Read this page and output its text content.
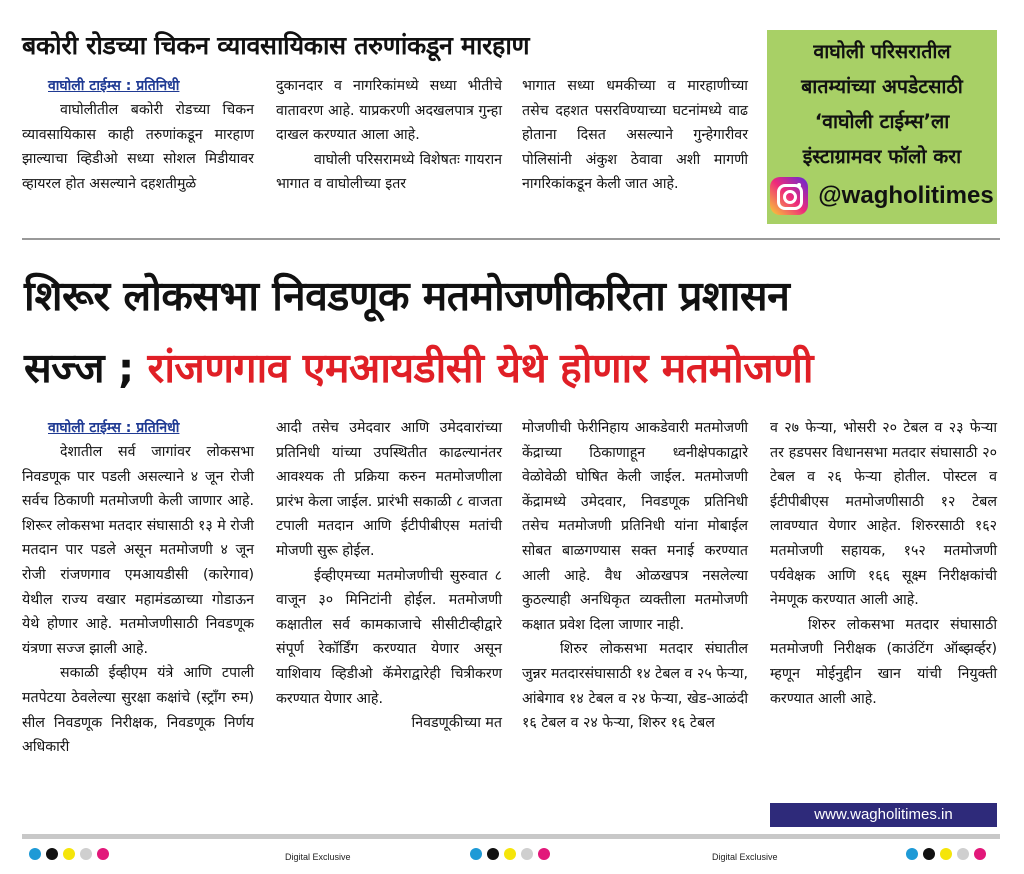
बकोरी रोडच्या चिकन व्यावसायिकास तरुणांकडून मारहाण
वाघोली टाईम्स : प्रतिनिधी

वाघोलीतील बकोरी रोडच्या चिकन व्यावसायिकास काही तरुणांकडून मारहाण झाल्याचा व्हिडीओ सध्या सोशल मिडीयावर व्हायरल होत असल्याने दहशतीमुळे

दुकानदार व नागरिकांमध्ये सध्या भीतीचे वातावरण आहे. याप्रकरणी अदखलपात्र गुन्हा दाखल करण्यात आला आहे.

वाघोली परिसरामध्ये विशेषतः गायरान भागात व वाघोलीच्या इतर

भागात सध्या धमकीच्या व मारहाणीच्या तसेच दहशत पसरविण्याच्या घटनांमध्ये वाढ होताना दिसत असल्याने गुन्हेगारीवर पोलिसांनी अंकुश ठेवावा अशी मागणी नागरिकांकडून केली जात आहे.

वाघोली परिसरातील
बातम्यांच्या अपडेटसाठी
‘वाघोली टाईम्स’ला
इंस्टाग्रामवर फॉलो करा
@wagholitimes
शिरूर लोकसभा निवडणूक मतमोजणीकरिता प्रशासन
सज्ज ; रांजणगाव एमआयडीसी येथे होणार मतमोजणी
वाघोली टाईम्स : प्रतिनिधी

देशातील सर्व जागांवर लोकसभा निवडणूक पार पडली असल्याने ४ जून रोजी सर्वच ठिकाणी मतमोजणी केली जाणार आहे. शिरूर लोकसभा मतदार संघासाठी १३ मे रोजी मतदान पार पडले असून मतमोजणी ४ जून रोजी रांजणगाव एमआयडीसी (कारेगाव) येथील राज्य वखार महामंडळाच्या गोडाऊन येथे होणार आहे. मतमोजणीसाठी निवडणूक यंत्रणा सज्ज झाली आहे.

सकाळी ईव्हीएम यंत्रे आणि टपाली मतपेटया ठेवलेल्या सुरक्षा कक्षांचे (स्ट्राँग रुम) सील निवडणूक निरीक्षक, निवडणूक निर्णय अधिकारी

आदी तसेच उमेदवार आणि उमेदवारांच्या प्रतिनिधी यांच्या उपस्थितीत काढल्यानंतर आवश्यक ती प्रक्रिया करुन मतमोजणीला प्रारंभ केला जाईल. प्रारंभी सकाळी ८ वाजता टपाली मतदान आणि ईटीपीबीएस मतांची मोजणी सुरू होईल.

ईव्हीएमच्या मतमोजणीची सुरुवात ८ वाजून ३० मिनिटांनी होईल. मतमोजणी कक्षातील सर्व कामकाजाचे सीसीटीव्हीद्वारे संपूर्ण रेकॉर्डिंग करण्यात येणार असून याशिवाय व्हिडीओ कॅमेराद्वारेही चित्रीकरण करण्यात येणार आहे.

निवडणूकीच्या मत

मोजणीची फेरीनिहाय आकडेवारी मतमोजणी केंद्राच्या ठिकाणाहून ध्वनीक्षेपकाद्वारे वेळोवेळी घोषित केली जाईल. मतमोजणी केंद्रामध्ये उमेदवार, निवडणूक प्रतिनिधी तसेच मतमोजणी प्रतिनिधी यांना मोबाईल सोबत बाळगण्यास सक्त मनाई करण्यात आली आहे. वैध ओळखपत्र नसलेल्या कुठल्याही अनधिकृत व्यक्तीला मतमोजणी कक्षात प्रवेश दिला जाणार नाही.

शिरुर लोकसभा मतदार संघातील जुन्नर मतदारसंघासाठी १४ टेबल व २५ फेऱ्या, आंबेगाव १४ टेबल व २४ फेऱ्या, खेड-आळंदी १६ टेबल व २४ फेऱ्या, शिरुर १६ टेबल

व २७ फेऱ्या, भोसरी २० टेबल व २३ फेऱ्या तर हडपसर विधानसभा मतदार संघासाठी २० टेबल व २६ फेऱ्या होतील. पोस्टल व ईटीपीबीएस मतमोजणीसाठी १२ टेबल लावण्यात येणार आहेत. शिरुरसाठी १६२ मतमोजणी सहायक, १५२ मतमोजणी पर्यवेक्षक आणि १६६ सूक्ष्म निरीक्षकांची नेमणूक करण्यात आली आहे.

शिरुर लोकसभा मतदार संघासाठी मतमोजणी निरीक्षक (काउंटिंग ऑब्झर्व्हर) म्हणून मोईनुद्दीन खान यांची नियुक्ती करण्यात आली आहे.

www.wagholitimes.in
Digital Exclusive	Digital Exclusive
